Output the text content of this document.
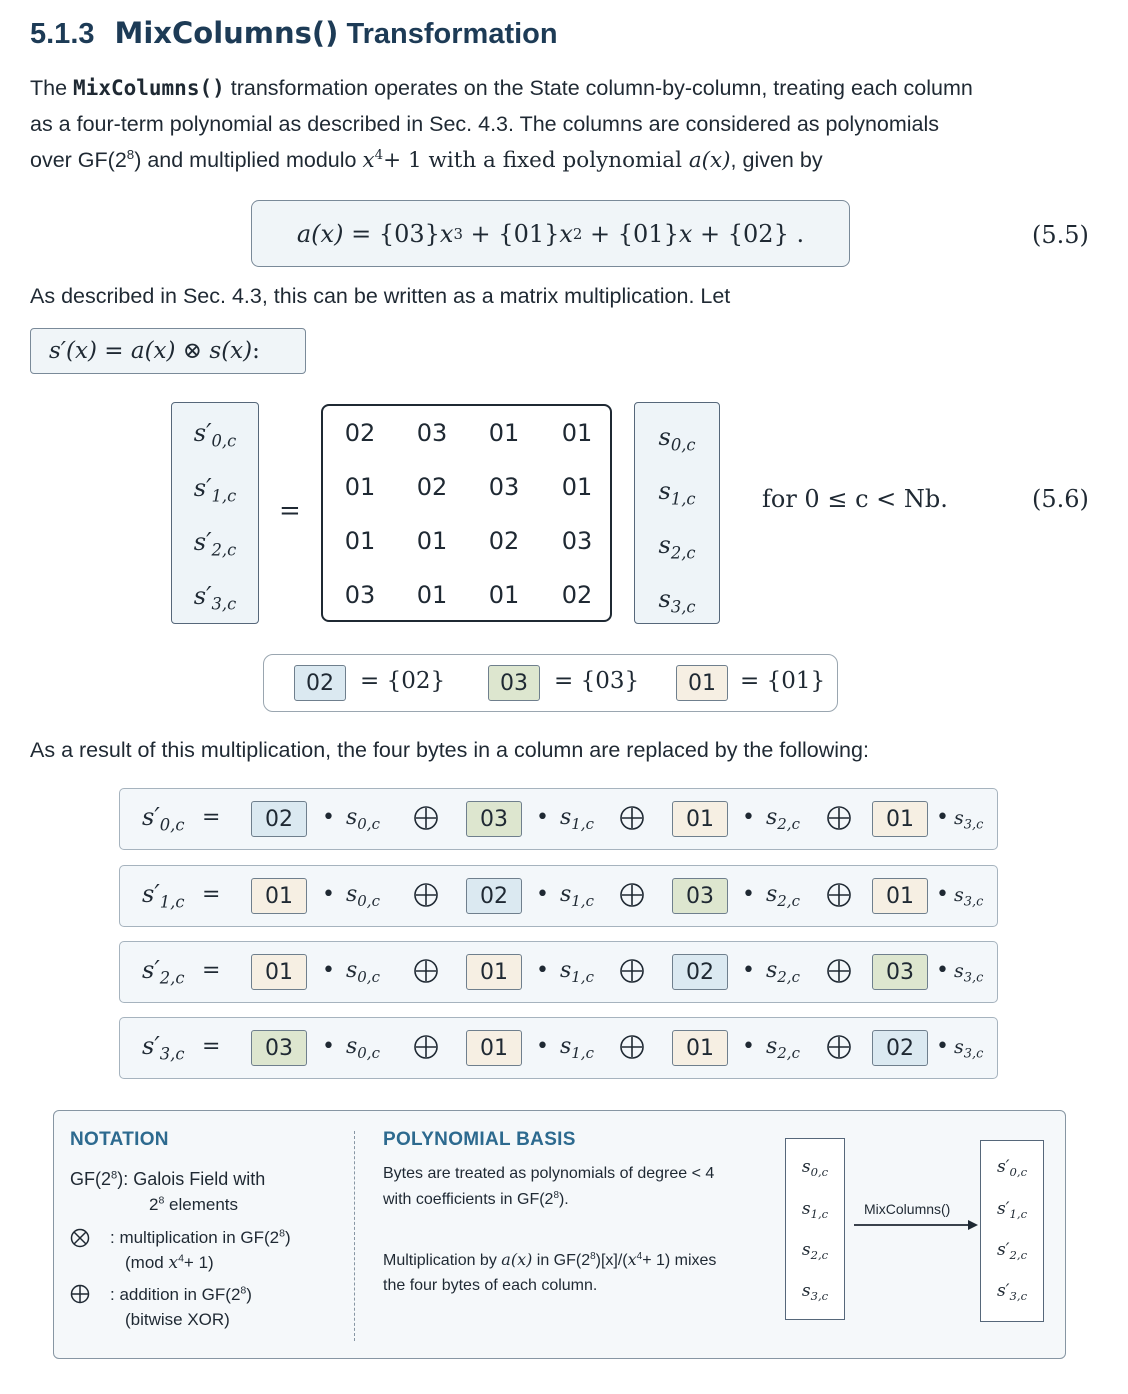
5.1.3 MixColumns() Transformation
The MixColumns() transformation operates on the State column-by-column, treating each column
as a four-term polynomial as described in Sec. 4.3. The columns are considered as polynomials
over $GF(2^8)$ and multiplied modulo $x^4+ 1$ with a fixed polynomial a(x), given by
a(x) = {03} x 3 + {01} x 2 + {01} x + {02} .	(5.5)
As described in Sec. 4.3, this can be written as a matrix multiplication. Let
s′(x) = a(x) ⊗ s(x) :
$s'_{0,c}$
$s'_{1,c}$
$s'_{2,c}$
$s'_{3,c}$
=
02	03	01	01
01	02	03	01
01	01	02	03
03	01	01	02
$s_{0,c}$
$s_{1,c}$
$s_{2,c}$
$s_{3,c}$
for 0 ≤ c < Nb.	(5.6)
02	= {02}	03	= {03}	01	= {01}
As a result of this multiplication, the four bytes in a column are replaced by the following:
$s'_{0,c}$ =	02	• $s_{0,c}$	03	• $s_{1,c}$	01	• $s_{2,c}$	01	• $s_{3,c}$
$s'_{1,c}$ =	01	• $s_{0,c}$	02	• $s_{1,c}$	03	• $s_{2,c}$	01	• $s_{3,c}$
$s'_{2,c}$ =	01	• $s_{0,c}$	01	• $s_{1,c}$	02	• $s_{2,c}$	03	• $s_{3,c}$
$s'_{3,c}$ =	03	• $s_{0,c}$	01	• $s_{1,c}$	01	• $s_{2,c}$	02	• $s_{3,c}$
NOTATION
$GF(2^8)$: Galois Field with
$2^8$ elements
: multiplication in $GF(2^8)$
(mod $x^4+ 1$)
: addition in $GF(2^8)$
(bitwise XOR)
POLYNOMIAL BASIS
Bytes are treated as polynomials of degree < 4
with coefficients in $GF(2^8)$.
Multiplication by a(x) in $GF(2^8)[x]/(x^4+ 1)$ mixes
the four bytes of each column.
$s_{0,c}$
$s_{1,c}$
$s_{2,c}$
$s_{3,c}$
MixColumns()
$s'_{0,c}$
$s'_{1,c}$
$s'_{2,c}$
$s'_{3,c}$
